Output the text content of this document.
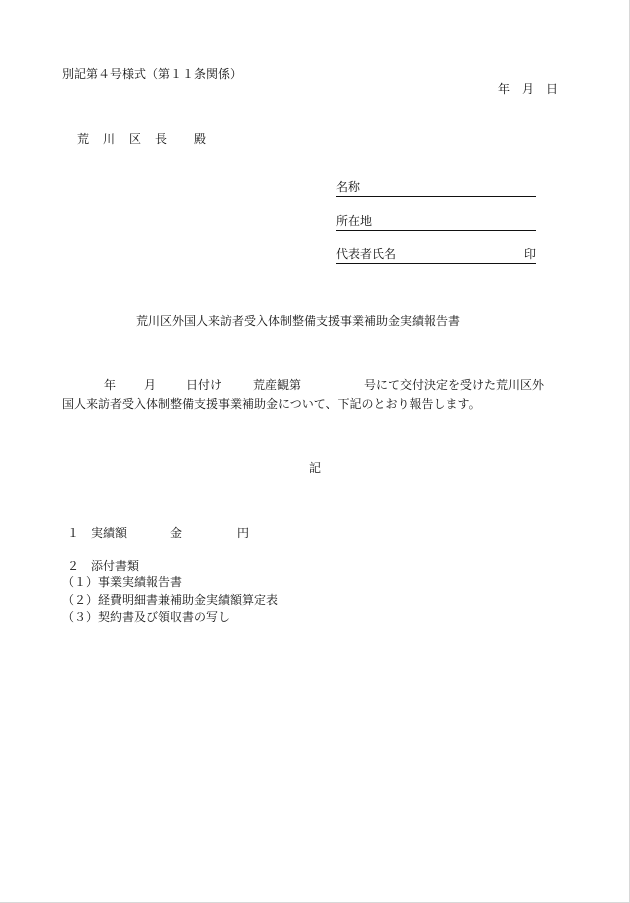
別記第４号様式（第１１条関係）
年　月　日
荒　川　区　長　　殿
名称
所在地
代表者氏名	印
荒川区外国人来訪者受入体制整備支援事業補助金実績報告書
年 月 日付け	荒産観第	号にて交付決定を受けた荒川区外
国人来訪者受入体制整備支援事業補助金について、下記のとおり報告します。
記
１ 実績額	金	円
２ 添付書類
（１）事業実績報告書
（２）経費明細書兼補助金実績額算定表
（３）契約書及び領収書の写し
